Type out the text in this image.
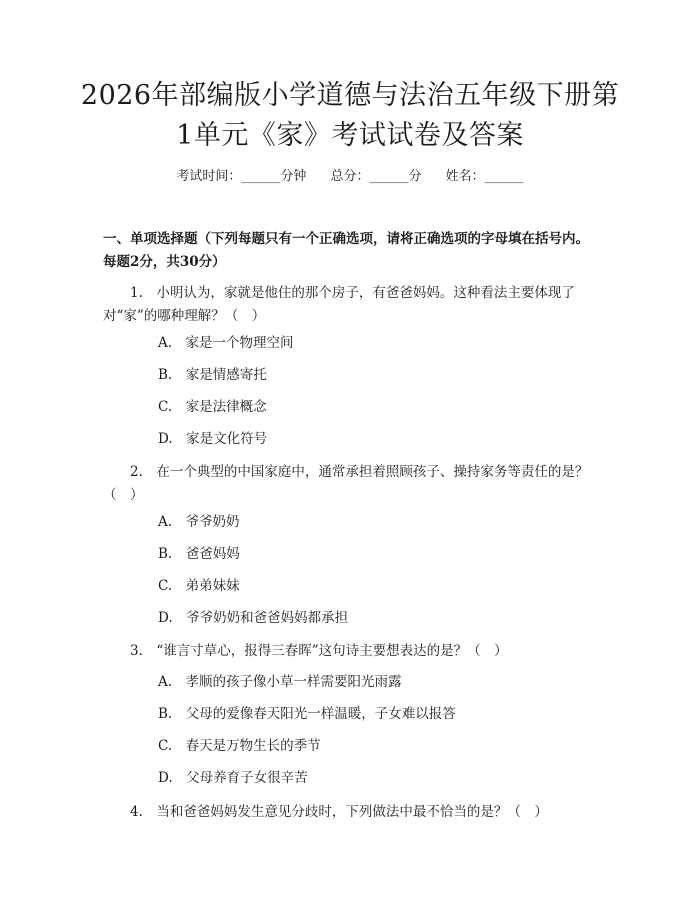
2026年部编版小学道德与法治五年级下册第
1单元《家》考试试卷及答案
考试时间：______分钟 总分：______分 姓名：______
一、单项选择题（下列每题只有一个正确选项，请将正确选项的字母填在括号内。每题2分，共30分）
1.　小明认为，家就是他住的那个房子，有爸爸妈妈。这种看法主要体现了对“家”的哪种理解？（　）
A.　家是一个物理空间
B.　家是情感寄托
C.　家是法律概念
D.　家是文化符号
2.　在一个典型的中国家庭中，通常承担着照顾孩子、操持家务等责任的是？（　）
A.　爷爷奶奶
B.　爸爸妈妈
C.　弟弟妹妹
D.　爷爷奶奶和爸爸妈妈都承担
3.　“谁言寸草心，报得三春晖”这句诗主要想表达的是？（　）
A.　孝顺的孩子像小草一样需要阳光雨露
B.　父母的爱像春天阳光一样温暖，子女难以报答
C.　春天是万物生长的季节
D.　父母养育子女很辛苦
4.　当和爸爸妈妈发生意见分歧时，下列做法中最不恰当的是？（　）
